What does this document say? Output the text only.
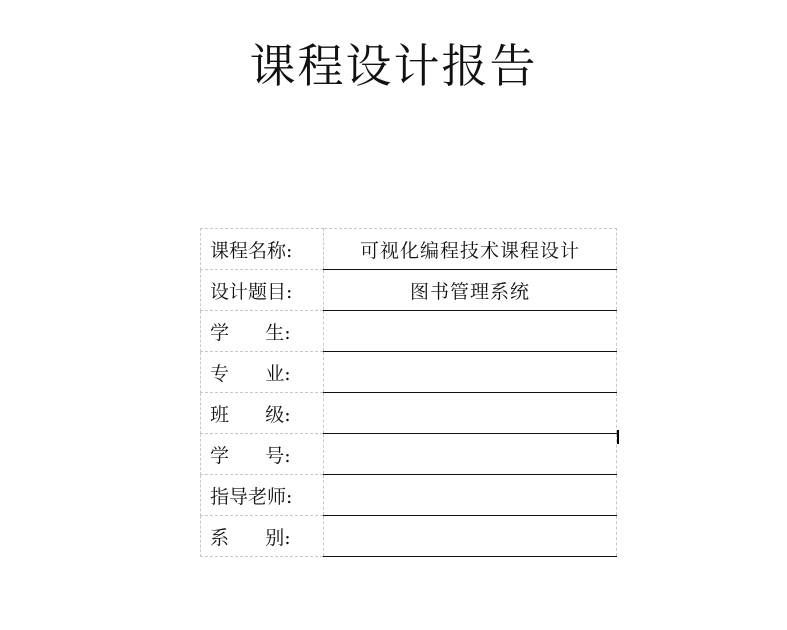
课程设计报告
课程名称:	可视化编程技术课程设计

设计题目:	图书管理系统

学      生:	

专      业:	

班      级:	

学      号:	

指导老师:	

系      别:	
